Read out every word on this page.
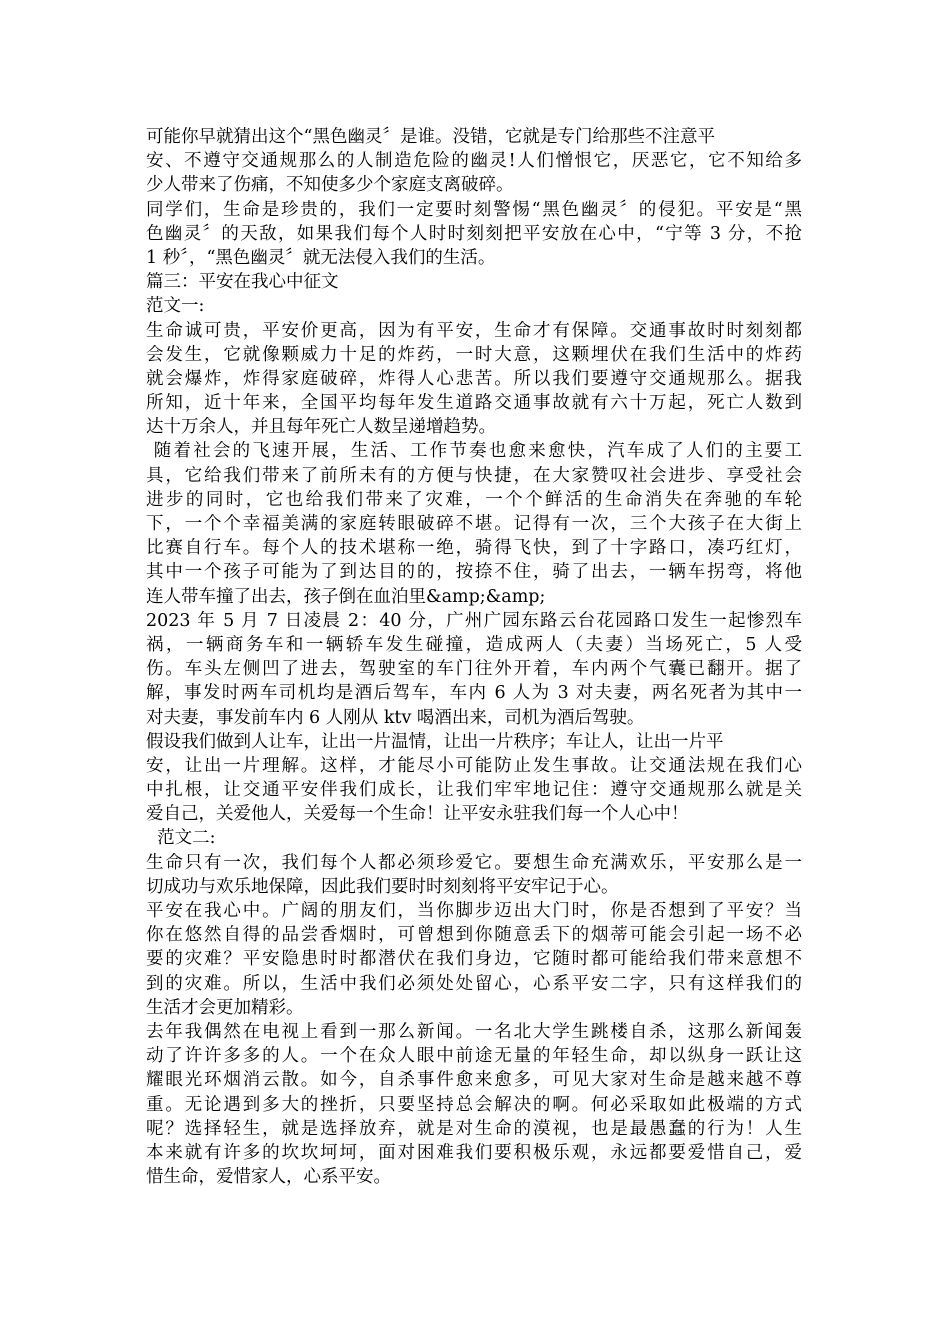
可能你早就猜出这个“黑色幽灵〞是谁。没错，它就是专门给那些不注意平
安、不遵守交通规那么的人制造危险的幽灵!人们憎恨它，厌恶它，它不知给多
少人带来了伤痛，不知使多少个家庭支离破碎。
同学们，生命是珍贵的，我们一定要时刻警惕“黑色幽灵〞的侵犯。平安是“黑
色幽灵〞的天敌，如果我们每个人时时刻刻把平安放在心中，“宁等 3 分，不抢
1 秒〞，“黑色幽灵〞就无法侵入我们的生活。
篇三：平安在我心中征文
范文一:
生命诚可贵，平安价更高，因为有平安，生命才有保障。交通事故时时刻刻都
会发生，它就像颗威力十足的炸药，一时大意，这颗埋伏在我们生活中的炸药
就会爆炸，炸得家庭破碎，炸得人心悲苦。所以我们要遵守交通规那么。据我
所知，近十年来，全国平均每年发生道路交通事故就有六十万起，死亡人数到
达十万余人，并且每年死亡人数呈递增趋势。
随着社会的飞速开展，生活、工作节奏也愈来愈快，汽车成了人们的主要工
具，它给我们带来了前所未有的方便与快捷，在大家赞叹社会进步、享受社会
进步的同时，它也给我们带来了灾难，一个个鲜活的生命消失在奔驰的车轮
下，一个个幸福美满的家庭转眼破碎不堪。记得有一次，三个大孩子在大街上
比赛自行车。每个人的技术堪称一绝，骑得飞快，到了十字路口，凑巧红灯，
其中一个孩子可能为了到达目的的，按捺不住，骑了出去，一辆车拐弯，将他
连人带车撞了出去，孩子倒在血泊里&amp;&amp;
2023 年 5 月 7 日凌晨 2：40 分，广州广园东路云台花园路口发生一起惨烈车
祸，一辆商务车和一辆轿车发生碰撞，造成两人（夫妻）当场死亡，5 人受
伤。车头左侧凹了进去，驾驶室的车门往外开着，车内两个气囊已翻开。据了
解，事发时两车司机均是酒后驾车，车内 6 人为 3 对夫妻，两名死者为其中一
对夫妻，事发前车内 6 人刚从 ktv 喝酒出来，司机为酒后驾驶。
假设我们做到人让车，让出一片温情，让出一片秩序；车让人，让出一片平
安，让出一片理解。这样，才能尽小可能防止发生事故。让交通法规在我们心
中扎根，让交通平安伴我们成长，让我们牢牢地记住：遵守交通规那么就是关
爱自己，关爱他人，关爱每一个生命！让平安永驻我们每一个人心中！
范文二:
生命只有一次，我们每个人都必须珍爱它。要想生命充满欢乐，平安那么是一
切成功与欢乐地保障，因此我们要时时刻刻将平安牢记于心。
平安在我心中。广阔的朋友们，当你脚步迈出大门时，你是否想到了平安？当
你在悠然自得的品尝香烟时，可曾想到你随意丢下的烟蒂可能会引起一场不必
要的灾难？平安隐患时时都潜伏在我们身边，它随时都可能给我们带来意想不
到的灾难。所以，生活中我们必须处处留心，心系平安二字，只有这样我们的
生活才会更加精彩。
去年我偶然在电视上看到一那么新闻。一名北大学生跳楼自杀，这那么新闻轰
动了许许多多的人。一个在众人眼中前途无量的年轻生命，却以纵身一跃让这
耀眼光环烟消云散。如今，自杀事件愈来愈多，可见大家对生命是越来越不尊
重。无论遇到多大的挫折，只要坚持总会解决的啊。何必采取如此极端的方式
呢？选择轻生，就是选择放弃，就是对生命的漠视，也是最愚蠢的行为！人生
本来就有许多的坎坎坷坷，面对困难我们要积极乐观，永远都要爱惜自己，爱
惜生命，爱惜家人，心系平安。
